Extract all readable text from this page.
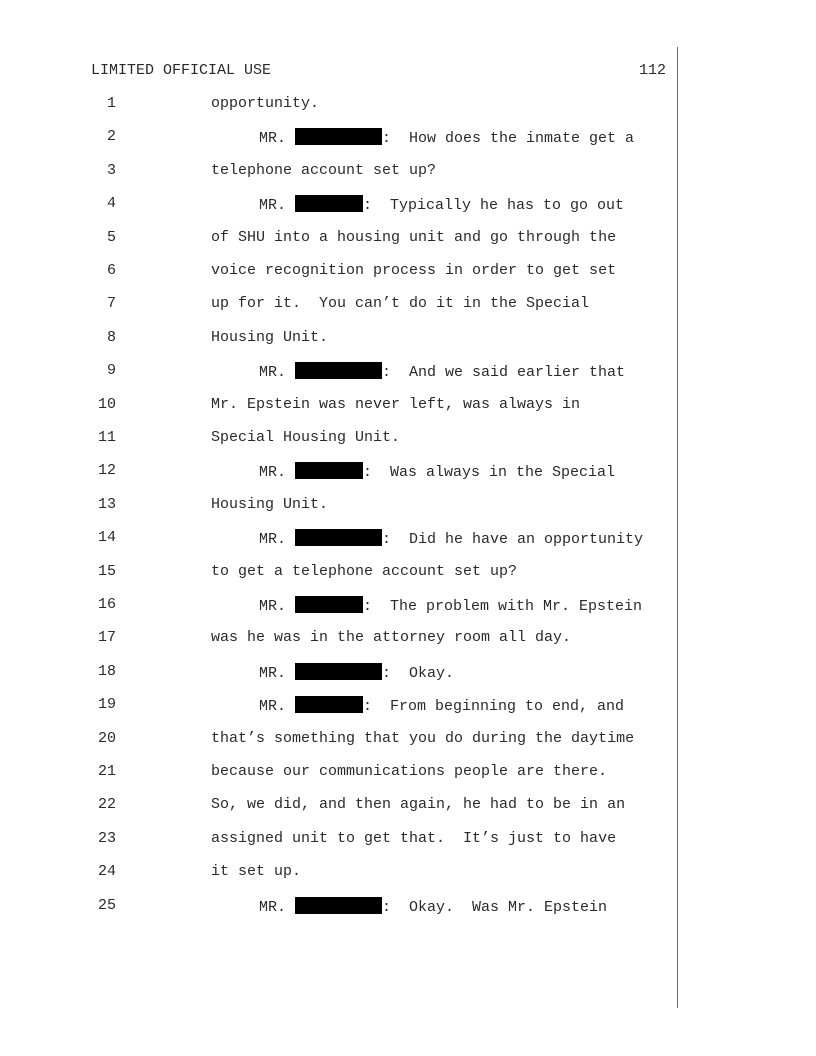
LIMITED OFFICIAL USE	112
1	opportunity.
2	MR.	:  How does the inmate get a
3	telephone account set up?
4	MR.	:  Typically he has to go out
5	of SHU into a housing unit and go through the
6	voice recognition process in order to get set
7	up for it.  You can’t do it in the Special
8	Housing Unit.
9	MR.	:  And we said earlier that
10	Mr. Epstein was never left, was always in
11	Special Housing Unit.
12	MR.	:  Was always in the Special
13	Housing Unit.
14	MR.	:  Did he have an opportunity
15	to get a telephone account set up?
16	MR.	:  The problem with Mr. Epstein
17	was he was in the attorney room all day.
18	MR.	:  Okay.
19	MR.	:  From beginning to end, and
20	that’s something that you do during the daytime
21	because our communications people are there.
22	So, we did, and then again, he had to be in an
23	assigned unit to get that.  It’s just to have
24	it set up.
25	MR.	:  Okay.  Was Mr. Epstein
